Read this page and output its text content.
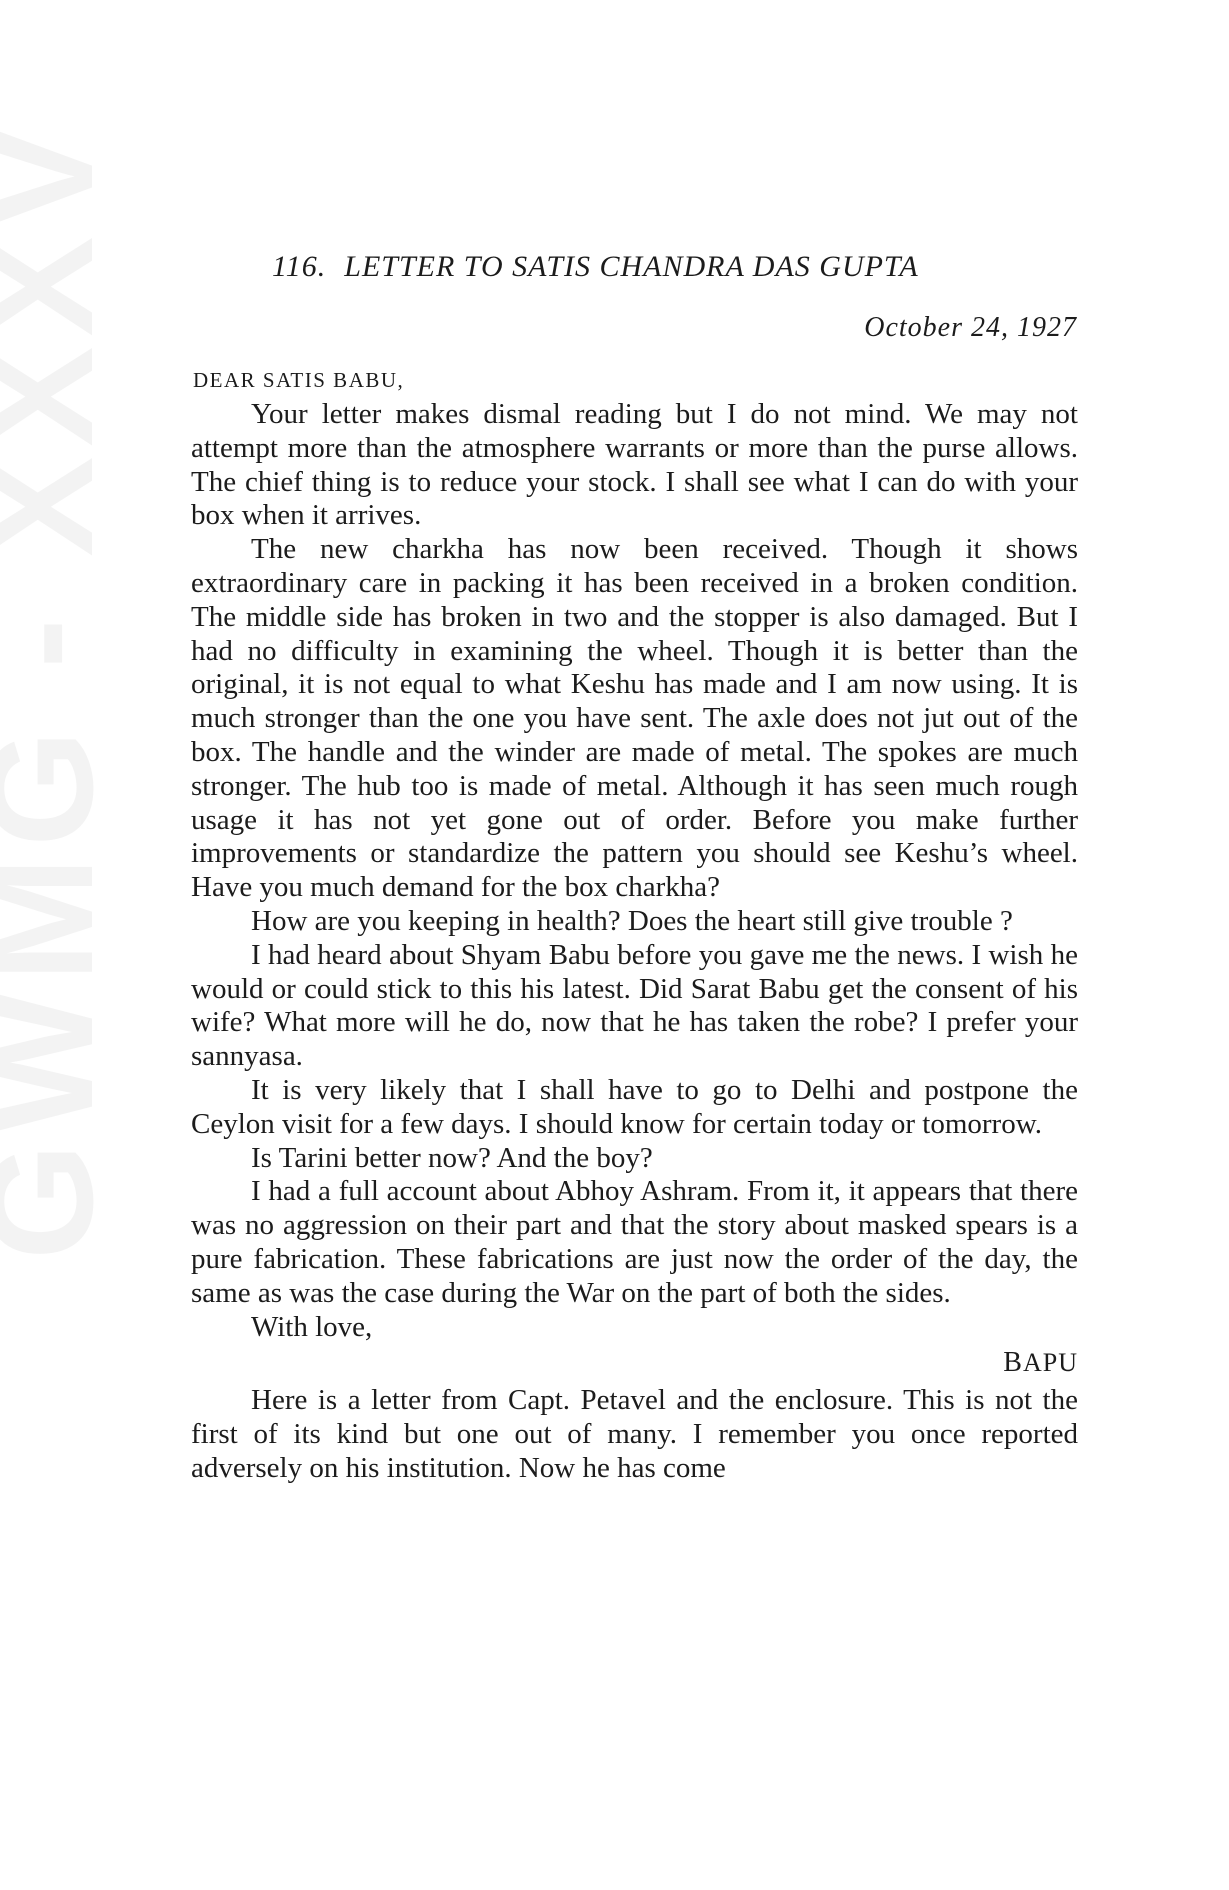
116. LETTER TO SATIS CHANDRA DAS GUPTA
October 24, 1927
DEAR SATIS BABU,

Your letter makes dismal reading but I do not mind. We may not attempt more than the atmosphere warrants or more than the purse allows. The chief thing is to reduce your stock. I shall see what I can do with your box when it arrives.

The new charkha has now been received. Though it shows extraordinary care in packing it has been received in a broken condition. The middle side has broken in two and the stopper is also damaged. But I had no difficulty in examining the wheel. Though it is better than the original, it is not equal to what Keshu has made and I am now using. It is much stronger than the one you have sent. The axle does not jut out of the box. The handle and the winder are made of metal. The spokes are much stronger. The hub too is made of metal. Although it has seen much rough usage it has not yet gone out of order. Before you make further improvements or standardize the pattern you should see Keshu’s wheel. Have you much demand for the box charkha?

How are you keeping in health? Does the heart still give trouble ?

I had heard about Shyam Babu before you gave me the news. I wish he would or could stick to this his latest. Did Sarat Babu get the consent of his wife? What more will he do, now that he has taken the robe? I prefer your sannyasa.

It is very likely that I shall have to go to Delhi and postpone the Ceylon visit for a few days. I should know for certain today or tomorrow.

Is Tarini better now? And the boy?

I had a full account about Abhoy Ashram. From it, it appears that there was no aggression on their part and that the story about masked spears is a pure fabrication. These fabrications are just now the order of the day, the same as was the case during the War on the part of both the sides.

With love,
BAPU

Here is a letter from Capt. Petavel and the enclosure. This is not the first of its kind but one out of many. I remember you once reported adversely on his institution. Now he has come
